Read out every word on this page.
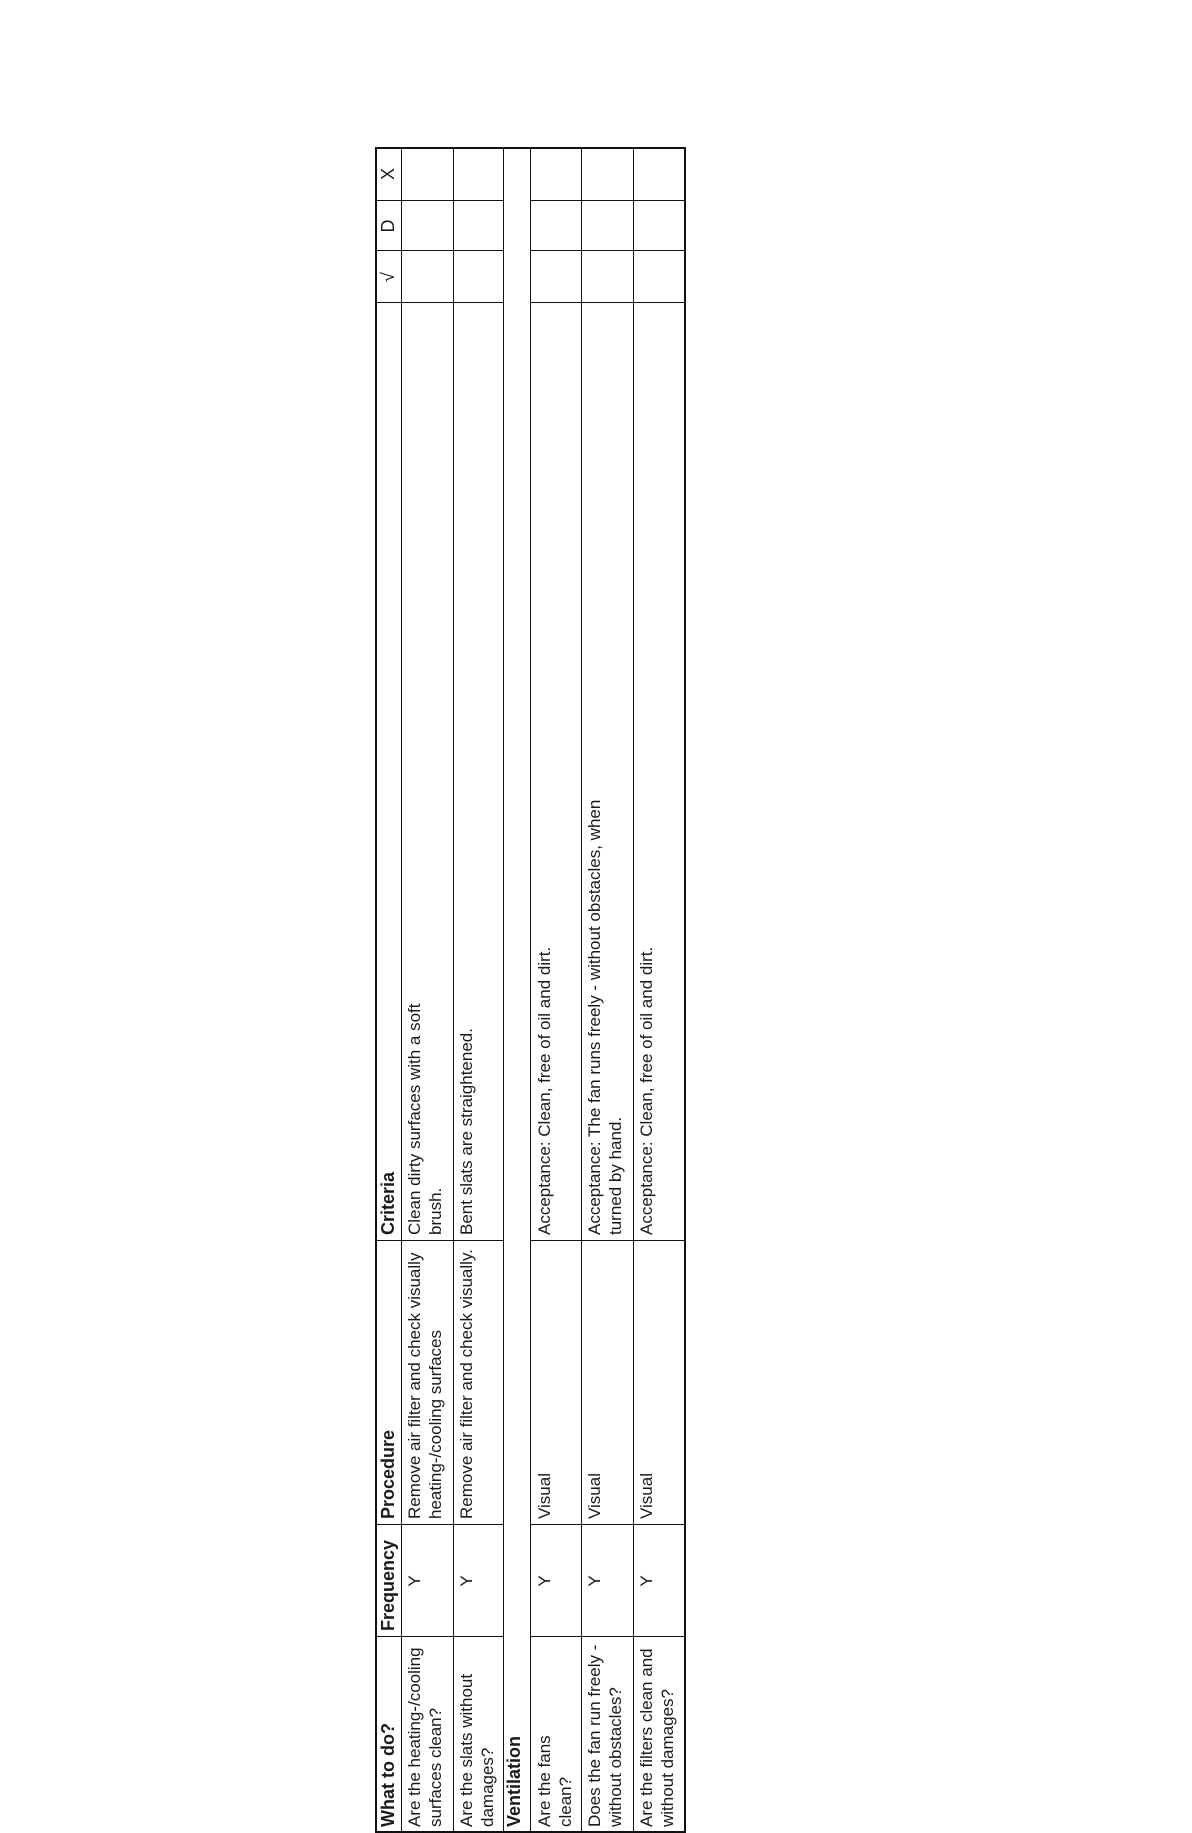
What to do?
Frequency
Procedure
Criteria
√
D
X
Are the heating-/cooling surfaces clean?
Y
Remove air filter and check visually heating-/cooling surfaces
Clean dirty surfaces with a soft brush.
Are the slats without damages?
Y
Remove air filter and check visually.
Bent slats are straightened.
Ventilation Are the fans clean?
Y
Visual
Acceptance: Clean, free of oil and dirt.
Does the fan run freely - without obstacles?
Y
Visual
Acceptance: The fan runs freely - without obstacles, when turned by hand.
Are the filters clean and without damages?
Y
Visual
Acceptance: Clean, free of oil and dirt.
